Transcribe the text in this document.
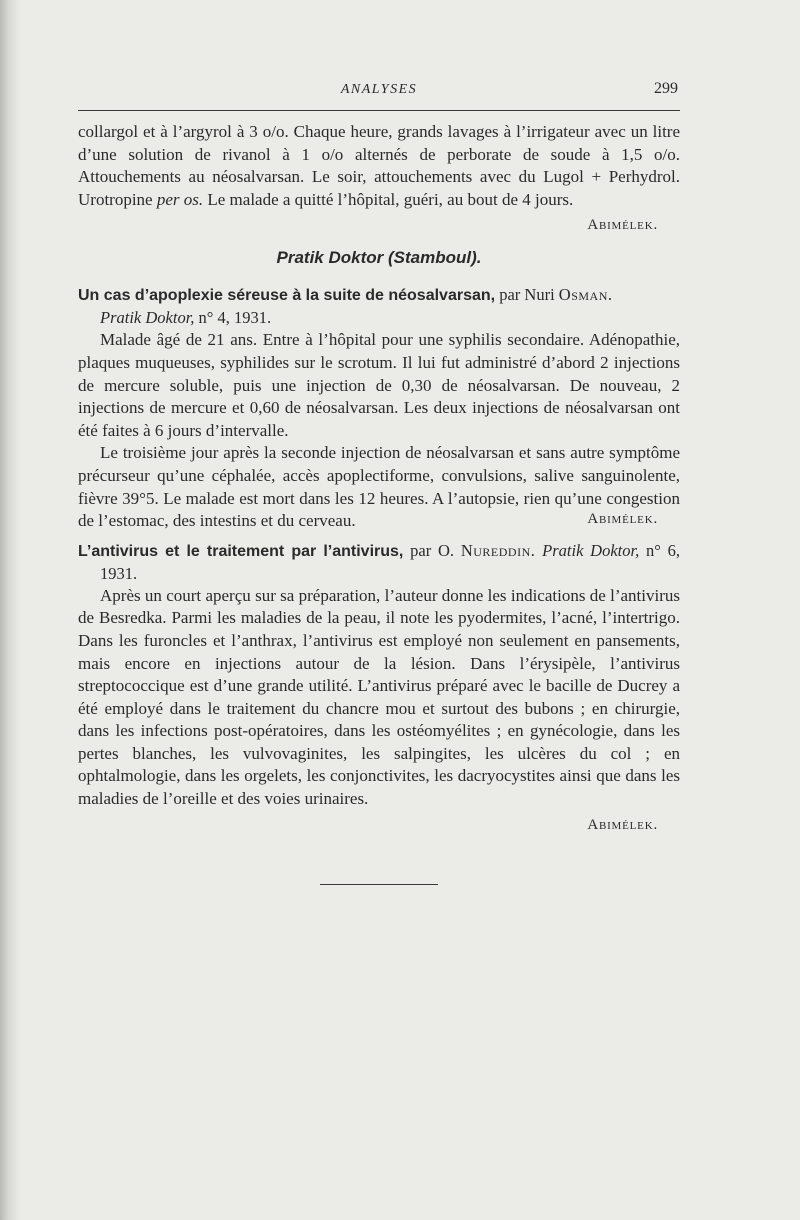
ANALYSES	299

collargol et à l’argyrol à 3 o/o. Chaque heure, grands lavages à l’irrigateur avec un litre d’une solution de rivanol à 1 o/o alternés de perborate de soude à 1,5 o/o. Attouchements au néosalvarsan. Le soir, attouchements avec du Lugol + Perhydrol. Urotropine per os. Le malade a quitté l’hôpital, guéri, au bout de 4 jours.

Abimélek.
Pratik Doktor (Stamboul).

Un cas d’apoplexie séreuse à la suite de néosalvarsan, par Nuri Osman.
Pratik Doktor, n° 4, 1931.

Malade âgé de 21 ans. Entre à l’hôpital pour une syphilis secondaire. Adénopathie, plaques muqueuses, syphilides sur le scrotum. Il lui fut administré d’abord 2 injections de mercure soluble, puis une injection de 0,30 de néosalvarsan. De nouveau, 2 injections de mercure et 0,60 de néosalvarsan. Les deux injections de néosalvarsan ont été faites à 6 jours d’intervalle.

Le troisième jour après la seconde injection de néosalvarsan et sans autre symptôme précurseur qu’une céphalée, accès apoplectiforme, convulsions, salive sanguinolente, fièvre 39°5. Le malade est mort dans les 12 heures. A l’autopsie, rien qu’une congestion de l’estomac, des intestins et du cerveau.	Abimélek.

L’antivirus et le traitement par l’antivirus, par O. Nureddin. Pratik Doktor, n° 6, 1931.

Après un court aperçu sur sa préparation, l’auteur donne les indications de l’antivirus de Besredka. Parmi les maladies de la peau, il note les pyodermites, l’acné, l’intertrigo. Dans les furoncles et l’anthrax, l’antivirus est employé non seulement en pansements, mais encore en injections autour de la lésion. Dans l’érysipèle, l’antivirus streptococcique est d’une grande utilité. L’antivirus préparé avec le bacille de Ducrey a été employé dans le traitement du chancre mou et surtout des bubons ; en chirurgie, dans les infections post-opératoires, dans les ostéomyélites ; en gynécologie, dans les pertes blanches, les vulvovaginites, les salpingites, les ulcères du col ; en ophtalmologie, dans les orgelets, les conjonctivites, les dacryocystites ainsi que dans les maladies de l’oreille et des voies urinaires.

Abimélek.
